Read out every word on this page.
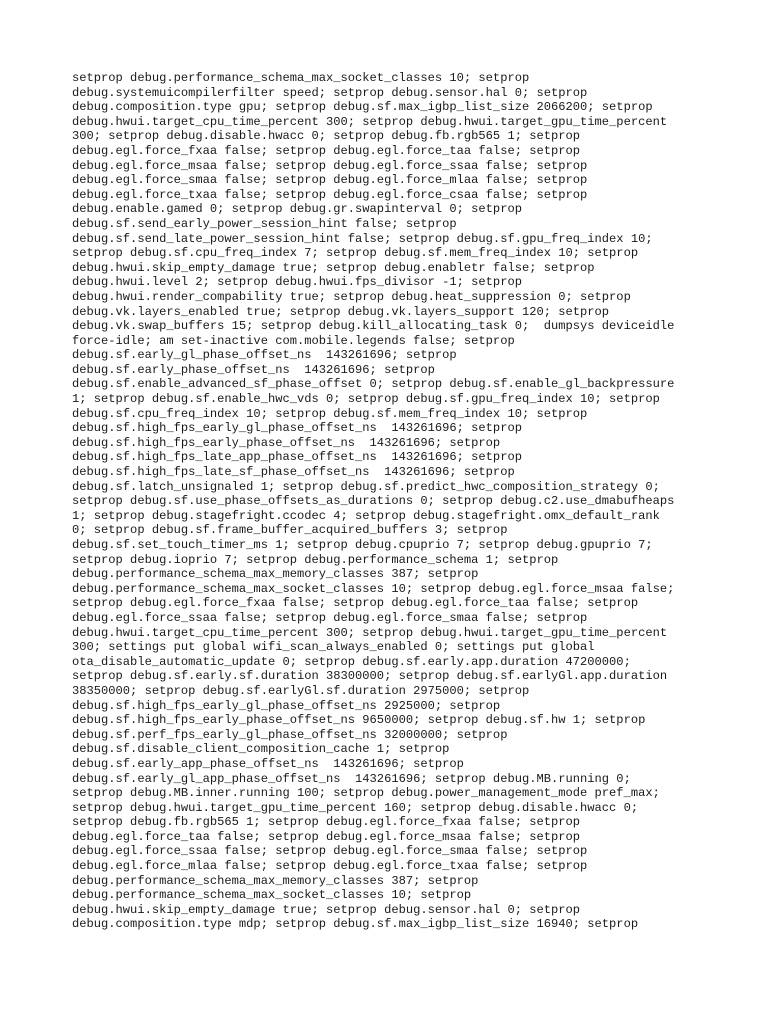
setprop debug.performance_schema_max_socket_classes 10; setprop
debug.systemuicompilerfilter speed; setprop debug.sensor.hal 0; setprop
debug.composition.type gpu; setprop debug.sf.max_igbp_list_size 2066200; setprop
debug.hwui.target_cpu_time_percent 300; setprop debug.hwui.target_gpu_time_percent
300; setprop debug.disable.hwacc 0; setprop debug.fb.rgb565 1; setprop
debug.egl.force_fxaa false; setprop debug.egl.force_taa false; setprop
debug.egl.force_msaa false; setprop debug.egl.force_ssaa false; setprop
debug.egl.force_smaa false; setprop debug.egl.force_mlaa false; setprop
debug.egl.force_txaa false; setprop debug.egl.force_csaa false; setprop
debug.enable.gamed 0; setprop debug.gr.swapinterval 0; setprop
debug.sf.send_early_power_session_hint false; setprop
debug.sf.send_late_power_session_hint false; setprop debug.sf.gpu_freq_index 10;
setprop debug.sf.cpu_freq_index 7; setprop debug.sf.mem_freq_index 10; setprop
debug.hwui.skip_empty_damage true; setprop debug.enabletr false; setprop
debug.hwui.level 2; setprop debug.hwui.fps_divisor -1; setprop
debug.hwui.render_compability true; setprop debug.heat_suppression 0; setprop
debug.vk.layers_enabled true; setprop debug.vk.layers_support 120; setprop
debug.vk.swap_buffers 15; setprop debug.kill_allocating_task 0;  dumpsys deviceidle
force-idle; am set-inactive com.mobile.legends false; setprop
debug.sf.early_gl_phase_offset_ns  143261696; setprop
debug.sf.early_phase_offset_ns  143261696; setprop
debug.sf.enable_advanced_sf_phase_offset 0; setprop debug.sf.enable_gl_backpressure
1; setprop debug.sf.enable_hwc_vds 0; setprop debug.sf.gpu_freq_index 10; setprop
debug.sf.cpu_freq_index 10; setprop debug.sf.mem_freq_index 10; setprop
debug.sf.high_fps_early_gl_phase_offset_ns  143261696; setprop
debug.sf.high_fps_early_phase_offset_ns  143261696; setprop
debug.sf.high_fps_late_app_phase_offset_ns  143261696; setprop
debug.sf.high_fps_late_sf_phase_offset_ns  143261696; setprop
debug.sf.latch_unsignaled 1; setprop debug.sf.predict_hwc_composition_strategy 0;
setprop debug.sf.use_phase_offsets_as_durations 0; setprop debug.c2.use_dmabufheaps
1; setprop debug.stagefright.ccodec 4; setprop debug.stagefright.omx_default_rank
0; setprop debug.sf.frame_buffer_acquired_buffers 3; setprop
debug.sf.set_touch_timer_ms 1; setprop debug.cpuprio 7; setprop debug.gpuprio 7;
setprop debug.ioprio 7; setprop debug.performance_schema 1; setprop
debug.performance_schema_max_memory_classes 387; setprop
debug.performance_schema_max_socket_classes 10; setprop debug.egl.force_msaa false;
setprop debug.egl.force_fxaa false; setprop debug.egl.force_taa false; setprop
debug.egl.force_ssaa false; setprop debug.egl.force_smaa false; setprop
debug.hwui.target_cpu_time_percent 300; setprop debug.hwui.target_gpu_time_percent
300; settings put global wifi_scan_always_enabled 0; settings put global
ota_disable_automatic_update 0; setprop debug.sf.early.app.duration 47200000;
setprop debug.sf.early.sf.duration 38300000; setprop debug.sf.earlyGl.app.duration
38350000; setprop debug.sf.earlyGl.sf.duration 2975000; setprop
debug.sf.high_fps_early_gl_phase_offset_ns 2925000; setprop
debug.sf.high_fps_early_phase_offset_ns 9650000; setprop debug.sf.hw 1; setprop
debug.sf.perf_fps_early_gl_phase_offset_ns 32000000; setprop
debug.sf.disable_client_composition_cache 1; setprop
debug.sf.early_app_phase_offset_ns  143261696; setprop
debug.sf.early_gl_app_phase_offset_ns  143261696; setprop debug.MB.running 0;
setprop debug.MB.inner.running 100; setprop debug.power_management_mode pref_max;
setprop debug.hwui.target_gpu_time_percent 160; setprop debug.disable.hwacc 0;
setprop debug.fb.rgb565 1; setprop debug.egl.force_fxaa false; setprop
debug.egl.force_taa false; setprop debug.egl.force_msaa false; setprop
debug.egl.force_ssaa false; setprop debug.egl.force_smaa false; setprop
debug.egl.force_mlaa false; setprop debug.egl.force_txaa false; setprop
debug.performance_schema_max_memory_classes 387; setprop
debug.performance_schema_max_socket_classes 10; setprop
debug.hwui.skip_empty_damage true; setprop debug.sensor.hal 0; setprop
debug.composition.type mdp; setprop debug.sf.max_igbp_list_size 16940; setprop
